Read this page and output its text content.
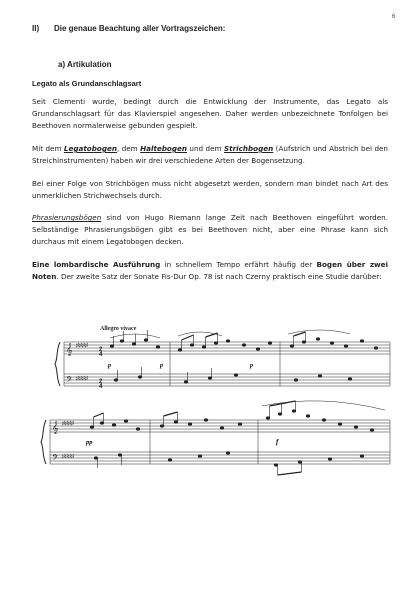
6
II) Die genaue Beachtung aller Vortragszeichen:
a) Artikulation
Legato als Grundanschlagsart
Seit Clementi wurde, bedingt durch die Entwicklung der Instrumente, das Legato als Grundanschlagsart für das Klavierspiel angesehen. Daher werden unbezeichnete Tonfolgen bei Beethoven normalerweise gebunden gespielt.
Mit dem Legatobogen, dem Haltebogen und dem Strichbogen (Aufstrich und Abstrich bei den Streichinstrumenten) haben wir drei verschiedene Arten der Bogensetzung.
Bei einer Folge von Strichbögen muss nicht abgesetzt werden, sondern man bindet nach Art des unmerklichen Strichwechsels durch.
Phrasierungsbögen sind von Hugo Riemann lange Zeit nach Beethoven eingeführt worden. Selbständige Phrasierungsbögen gibt es bei Beethoven nicht, aber eine Phrase kann sich durchaus mit einem Legatobogen decken.
Eine lombardische Ausführung in schnellem Tempo erfährt häufig der Bogen über zwei Noten. Der zweite Satz der Sonate Fis-Dur Op. 78 ist nach Czerny praktisch eine Studie darüber:
Allegro vivace
𝄞
𝄢
♯♯♯♯
♯♯♯♯
2
4
2
4
p	p	p
𝄞
𝄢
♯♯♯♯
♯♯♯♯
pp	f
